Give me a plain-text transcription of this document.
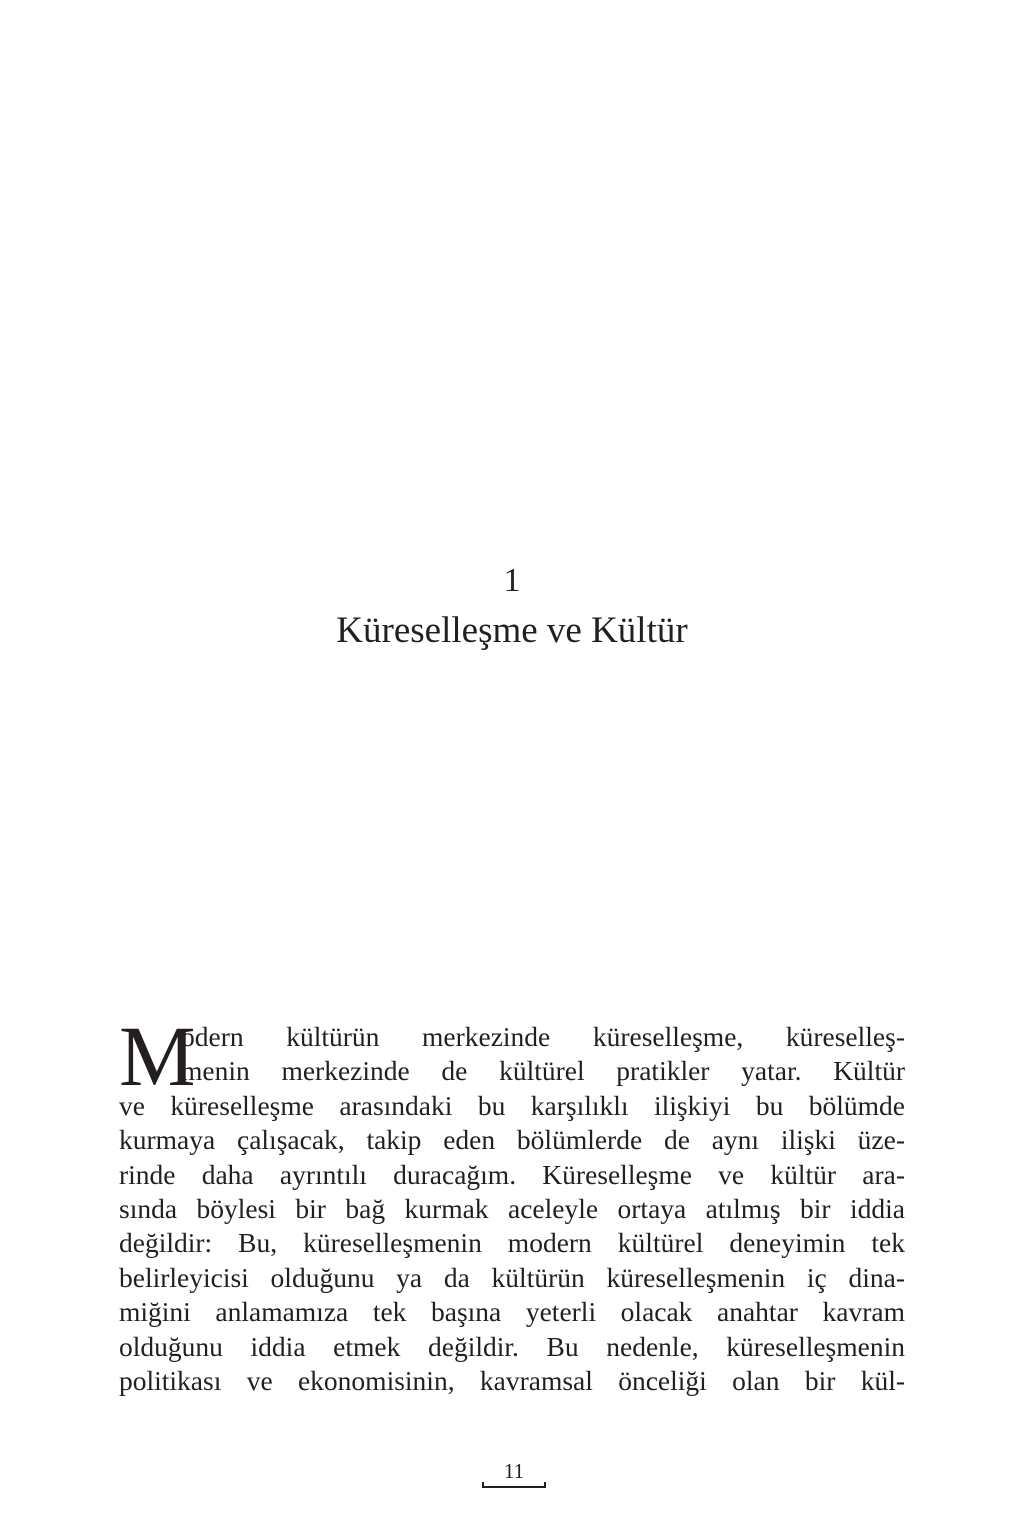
1

Küreselleşme ve Kültür

M
odern kültürün merkezinde küreselleşme, küreselleş-
menin merkezinde de kültürel pratikler yatar. Kültür
ve küreselleşme arasındaki bu karşılıklı ilişkiyi bu bölümde
kurmaya çalışacak, takip eden bölümlerde de aynı ilişki üze-
rinde daha ayrıntılı duracağım. Küreselleşme ve kültür ara-
sında böylesi bir bağ kurmak aceleyle ortaya atılmış bir iddia
değildir: Bu, küreselleşmenin modern kültürel deneyimin tek
belirleyicisi olduğunu ya da kültürün küreselleşmenin iç dina-
miğini anlamamıza tek başına yeterli olacak anahtar kavram
olduğunu iddia etmek değildir. Bu nedenle, küreselleşmenin
politikası ve ekonomisinin, kavramsal önceliği olan bir kül-
11
